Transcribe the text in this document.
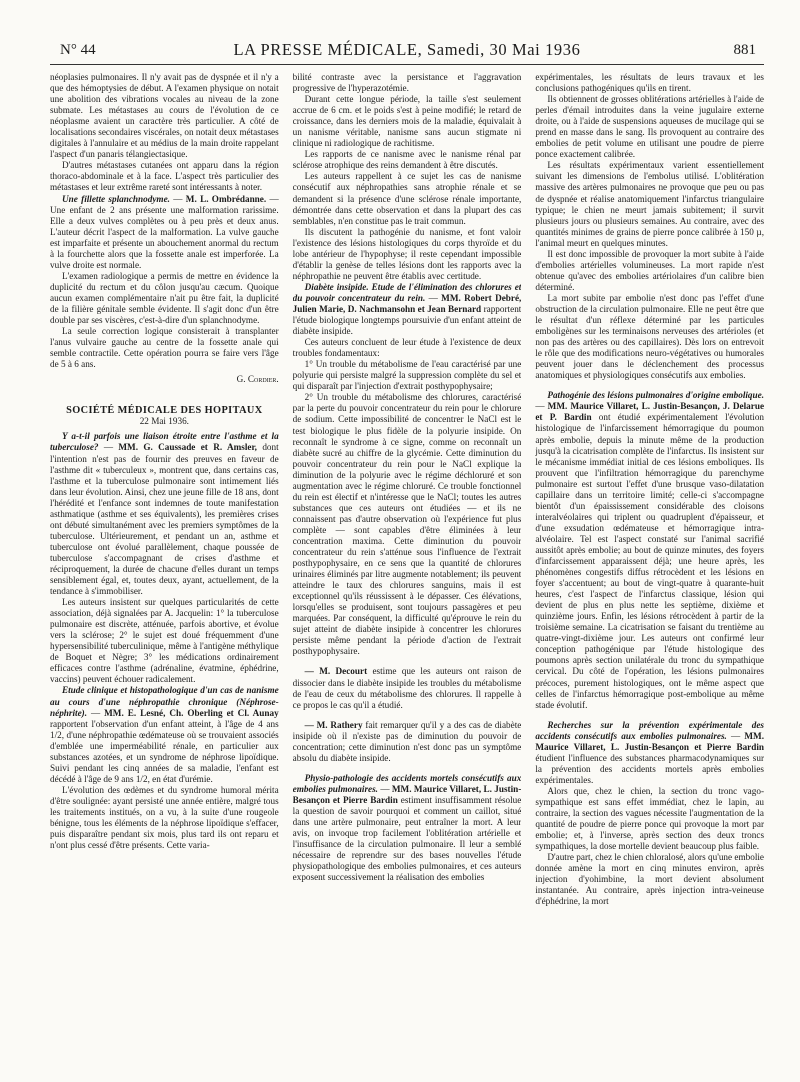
N° 44	LA PRESSE MÉDICALE, Samedi, 30 Mai 1936	881

néoplasies pulmonaires. Il n'y avait pas de dyspnée et il n'y a que des hémoptysies de début. A l'examen physique on notait une abolition des vibrations vocales au niveau de la zone submate. Les métastases au cours de l'évolution de ce néoplasme avaient un caractère très particulier. A côté de localisations secondaires viscérales, on notait deux métastases digitales à l'annulaire et au médius de la main droite rappelant l'aspect d'un panaris télangiectasique.

D'autres métastases cutanées ont apparu dans la région thoraco-abdominale et à la face. L'aspect très particulier des métastases et leur extrême rareté sont intéressants à noter.

Une fillette splanchnodyme. — M. L. Ombrédanne. — Une enfant de 2 ans présente une malformation rarissime. Elle a deux vulves complètes ou à peu près et deux anus. L'auteur décrit l'aspect de la malformation. La vulve gauche est imparfaite et présente un abouchement anormal du rectum à la fourchette alors que la fossette anale est imperforée. La vulve droite est normale.

L'examen radiologique a permis de mettre en évidence la duplicité du rectum et du côlon jusqu'au cæcum. Quoique aucun examen complémentaire n'ait pu être fait, la duplicité de la filière génitale semble évidente. Il s'agit donc d'un être double par ses viscères, c'est-à-dire d'un splanchnodyme.

La seule correction logique consisterait à transplanter l'anus vulvaire gauche au centre de la fossette anale qui semble contractile. Cette opération pourra se faire vers l'âge de 5 à 6 ans.

G. Cordier.
SOCIÉTÉ MÉDICALE DES HOPITAUX
22 Mai 1936.

Y a-t-il parfois une liaison étroite entre l'asthme et la tuberculose? — MM. G. Caussade et R. Amsler, dont l'intention n'est pas de fournir des preuves en faveur de l'asthme dit « tuberculeux », montrent que, dans certains cas, l'asthme et la tuberculose pulmonaire sont intimement liés dans leur évolution. Ainsi, chez une jeune fille de 18 ans, dont l'hérédité et l'enfance sont indemnes de toute manifestation asthmatique (asthme et ses équivalents), les premières crises ont débuté simultanément avec les premiers symptômes de la tuberculose. Ultérieurement, et pendant un an, asthme et tuberculose ont évolué parallèlement, chaque poussée de tuberculose s'accompagnant de crises d'asthme et réciproquement, la durée de chacune d'elles durant un temps sensiblement égal, et, toutes deux, ayant, actuellement, de la tendance à s'immobiliser.

Les auteurs insistent sur quelques particularités de cette association, déjà signalées par A. Jacquelin: 1° la tuberculose pulmonaire est discrète, atténuée, parfois abortive, et évolue vers la sclérose; 2° le sujet est doué fréquemment d'une hypersensibilité tuberculinique, même à l'antigène méthylique de Boquet et Nègre; 3° les médications ordinairement efficaces contre l'asthme (adrénaline, évatmine, éphédrine, vaccins) peuvent échouer radicalement.

Etude clinique et histopathologique d'un cas de nanisme au cours d'une néphropathie chronique (Néphrose-néphrite). — MM. E. Lesné, Ch. Oberling et Cl. Aunay rapportent l'observation d'un enfant atteint, à l'âge de 4 ans 1/2, d'une néphropathie œdémateuse où se trouvaient associés d'emblée une imperméabilité rénale, en particulier aux substances azotées, et un syndrome de néphrose lipoïdique. Suivi pendant les cinq années de sa maladie, l'enfant est décédé à l'âge de 9 ans 1/2, en état d'urémie.

L'évolution des œdèmes et du syndrome humoral mérita d'être soulignée: ayant persisté une année entière, malgré tous les traitements institués, on a vu, à la suite d'une rougeole bénigne, tous les éléments de la néphrose lipoïdique s'effacer, puis disparaître pendant six mois, plus tard ils ont reparu et n'ont plus cessé d'être présents. Cette varia-

bilité contraste avec la persistance et l'aggravation progressive de l'hyperazotémie.

Durant cette longue période, la taille s'est seulement accrue de 6 cm. et le poids s'est à peine modifié; le retard de croissance, dans les derniers mois de la maladie, équivalait à un nanisme véritable, nanisme sans aucun stigmate ni clinique ni radiologique de rachitisme.

Les rapports de ce nanisme avec le nanisme rénal par sclérose atrophique des reins demandent à être discutés.

Les auteurs rappellent à ce sujet les cas de nanisme consécutif aux néphropathies sans atrophie rénale et se demandent si la présence d'une sclérose rénale importante, démontrée dans cette observation et dans la plupart des cas semblables, n'en constitue pas le trait commun.

Ils discutent la pathogénie du nanisme, et font valoir l'existence des lésions histologiques du corps thyroïde et du lobe antérieur de l'hypophyse; il reste cependant impossible d'établir la genèse de telles lésions dont les rapports avec la néphropathie ne peuvent être établis avec certitude.

Diabète insipide. Etude de l'élimination des chlorures et du pouvoir concentrateur du rein. — MM. Robert Debré, Julien Marie, D. Nachmansohn et Jean Bernard rapportent l'étude biologique longtemps poursuivie d'un enfant atteint de diabète insipide.

Ces auteurs concluent de leur étude à l'existence de deux troubles fondamentaux:

1° Un trouble du métabolisme de l'eau caractérisé par une polyurie qui persiste malgré la suppression complète du sel et qui disparaît par l'injection d'extrait posthypophysaire;

2° Un trouble du métabolisme des chlorures, caractérisé par la perte du pouvoir concentrateur du rein pour le chlorure de sodium. Cette impossibilité de concentrer le NaCl est le test biologique le plus fidèle de la polyurie insipide. On reconnaît le syndrome à ce signe, comme on reconnaît un diabète sucré au chiffre de la glycémie. Cette diminution du pouvoir concentrateur du rein pour le NaCl explique la diminution de la polyurie avec le régime déchloruré et son augmentation avec le régime chloruré. Ce trouble fonctionnel du rein est électif et n'intéresse que le NaCl; toutes les autres substances que ces auteurs ont étudiées — et ils ne connaissent pas d'autre observation où l'expérience fut plus complète — sont capables d'être éliminées à leur concentration maxima. Cette diminution du pouvoir concentrateur du rein s'atténue sous l'influence de l'extrait posthypophysaire, en ce sens que la quantité de chlorures urinaires éliminés par litre augmente notablement; ils peuvent atteindre le taux des chlorures sanguins, mais il est exceptionnel qu'ils réussissent à le dépasser. Ces élévations, lorsqu'elles se produisent, sont toujours passagères et peu marquées. Par conséquent, la difficulté qu'éprouve le rein du sujet atteint de diabète insipide à concentrer les chlorures persiste même pendant la période d'action de l'extrait posthypophysaire.

— M. Decourt estime que les auteurs ont raison de dissocier dans le diabète insipide les troubles du métabolisme de l'eau de ceux du métabolisme des chlorures. Il rappelle à ce propos le cas qu'il a étudié.

— M. Rathery fait remarquer qu'il y a des cas de diabète insipide où il n'existe pas de diminution du pouvoir de concentration; cette diminution n'est donc pas un symptôme absolu du diabète insipide.

Physio-pathologie des accidents mortels consécutifs aux embolies pulmonaires. — MM. Maurice Villaret, L. Justin-Besançon et Pierre Bardin estiment insuffisamment résolue la question de savoir pourquoi et comment un caillot, situé dans une artère pulmonaire, peut entraîner la mort. A leur avis, on invoque trop facilement l'oblitération artérielle et l'insuffisance de la circulation pulmonaire. Il leur a semblé nécessaire de reprendre sur des bases nouvelles l'étude physiopathologique des embolies pulmonaires, et ces auteurs exposent successivement la réalisation des embolies

expérimentales, les résultats de leurs travaux et les conclusions pathogéniques qu'ils en tirent.

Ils obtiennent de grosses oblitérations artérielles à l'aide de perles d'émail introduites dans la veine jugulaire externe droite, ou à l'aide de suspensions aqueuses de mucilage qui se prend en masse dans le sang. Ils provoquent au contraire des embolies de petit volume en utilisant une poudre de pierre ponce exactement calibrée.

Les résultats expérimentaux varient essentiellement suivant les dimensions de l'embolus utilisé. L'oblitération massive des artères pulmonaires ne provoque que peu ou pas de dyspnée et réalise anatomiquement l'infarctus triangulaire typique; le chien ne meurt jamais subitement; il survit plusieurs jours ou plusieurs semaines. Au contraire, avec des quantités minimes de grains de pierre ponce calibrée à 150 µ, l'animal meurt en quelques minutes.

Il est donc impossible de provoquer la mort subite à l'aide d'embolies artérielles volumineuses. La mort rapide n'est obtenue qu'avec des embolies artériolaires d'un calibre bien déterminé.

La mort subite par embolie n'est donc pas l'effet d'une obstruction de la circulation pulmonaire. Elle ne peut être que le résultat d'un réflexe déterminé par les particules emboligènes sur les terminaisons nerveuses des artérioles (et non pas des artères ou des capillaires). Dès lors on entrevoit le rôle que des modifications neuro-végétatives ou humorales peuvent jouer dans le déclenchement des processus anatomiques et physiologiques consécutifs aux embolies.

Pathogénie des lésions pulmonaires d'origine embolique. — MM. Maurice Villaret, L. Justin-Besançon, J. Delarue et P. Bardin ont étudié expérimentalement l'évolution histologique de l'infarcissement hémorragique du poumon après embolie, depuis la minute même de la production jusqu'à la cicatrisation complète de l'infarctus. Ils insistent sur le mécanisme immédiat initial de ces lésions emboliques. Ils prouvent que l'infiltration hémorragique du parenchyme pulmonaire est surtout l'effet d'une brusque vaso-dilatation capillaire dans un territoire limité; celle-ci s'accompagne bientôt d'un épaississement considérable des cloisons interalvéolaires qui triplent ou quadruplent d'épaisseur, et d'une exsudation œdémateuse et hémorragique intra-alvéolaire. Tel est l'aspect constaté sur l'animal sacrifié aussitôt après embolie; au bout de quinze minutes, des foyers d'infarcissement apparaissent déjà; une heure après, les phénomènes congestifs diffus rétrocèdent et les lésions en foyer s'accentuent; au bout de vingt-quatre à quarante-huit heures, c'est l'aspect de l'infarctus classique, lésion qui devient de plus en plus nette les septième, dixième et quinzième jours. Enfin, les lésions rétrocèdent à partir de la troisième semaine. La cicatrisation se faisant du trentième au quatre-vingt-dixième jour. Les auteurs ont confirmé leur conception pathogénique par l'étude histologique des poumons après section unilatérale du tronc du sympathique cervical. Du côté de l'opération, les lésions pulmonaires précoces, purement histologiques, ont le même aspect que celles de l'infarctus hémorragique post-embolique au même stade évolutif.

Recherches sur la prévention expérimentale des accidents consécutifs aux embolies pulmonaires. — MM. Maurice Villaret, L. Justin-Besançon et Pierre Bardin étudient l'influence des substances pharmacodynamiques sur la prévention des accidents mortels après embolies expérimentales.

Alors que, chez le chien, la section du tronc vago-sympathique est sans effet immédiat, chez le lapin, au contraire, la section des vagues nécessite l'augmentation de la quantité de poudre de pierre ponce qui provoque la mort par embolie; et, à l'inverse, après section des deux troncs sympathiques, la dose mortelle devient beaucoup plus faible.

D'autre part, chez le chien chloralosé, alors qu'une embolie donnée amène la mort en cinq minutes environ, après injection d'yohimbine, la mort devient absolument instantanée. Au contraire, après injection intra-veineuse d'éphédrine, la mort
